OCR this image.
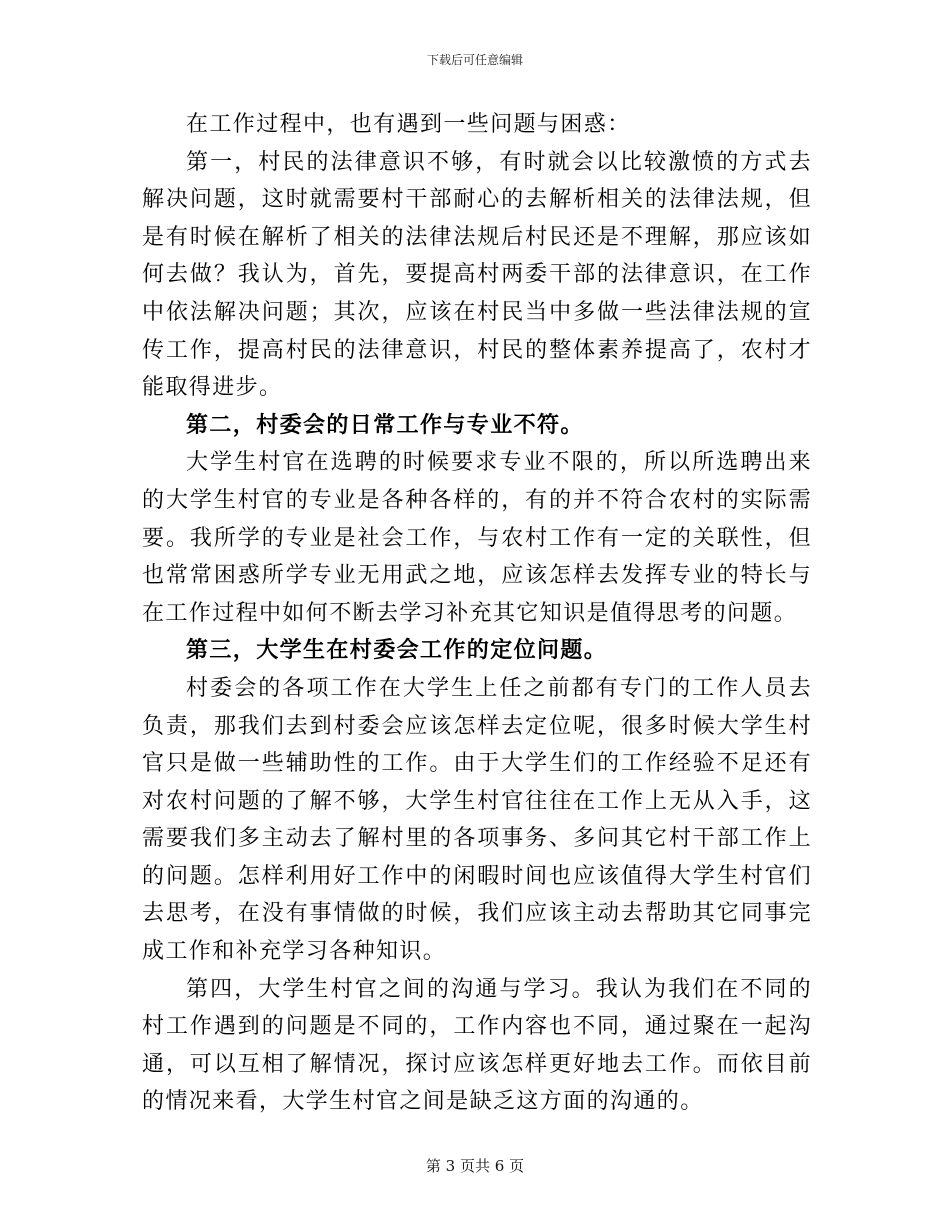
下载后可任意编辑

在工作过程中，也有遇到一些问题与困惑：

第一，村民的法律意识不够，有时就会以比较激愤的方式去解决问题，这时就需要村干部耐心的去解析相关的法律法规，但是有时候在解析了相关的法律法规后村民还是不理解，那应该如何去做？我认为，首先，要提高村两委干部的法律意识，在工作中依法解决问题；其次，应该在村民当中多做一些法律法规的宣传工作，提高村民的法律意识，村民的整体素养提高了，农村才能取得进步。

第二，村委会的日常工作与专业不符。

大学生村官在选聘的时候要求专业不限的，所以所选聘出来的大学生村官的专业是各种各样的，有的并不符合农村的实际需要。我所学的专业是社会工作，与农村工作有一定的关联性，但也常常困惑所学专业无用武之地，应该怎样去发挥专业的特长与在工作过程中如何不断去学习补充其它知识是值得思考的问题。

第三，大学生在村委会工作的定位问题。

村委会的各项工作在大学生上任之前都有专门的工作人员去负责，那我们去到村委会应该怎样去定位呢，很多时候大学生村官只是做一些辅助性的工作。由于大学生们的工作经验不足还有对农村问题的了解不够，大学生村官往往在工作上无从入手，这需要我们多主动去了解村里的各项事务、多问其它村干部工作上的问题。怎样利用好工作中的闲暇时间也应该值得大学生村官们去思考，在没有事情做的时候，我们应该主动去帮助其它同事完成工作和补充学习各种知识。

第四，大学生村官之间的沟通与学习。我认为我们在不同的村工作遇到的问题是不同的，工作内容也不同，通过聚在一起沟通，可以互相了解情况，探讨应该怎样更好地去工作。而依目前的情况来看，大学生村官之间是缺乏这方面的沟通的。

第 3 页共 6 页
